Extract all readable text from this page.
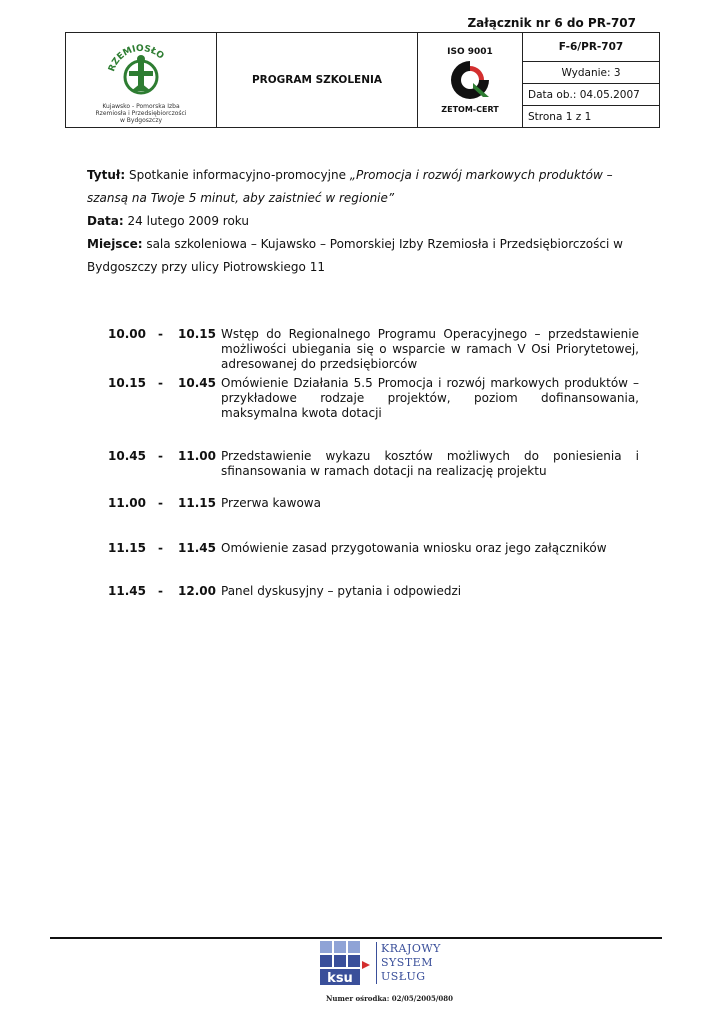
Załącznik nr 6 do PR-707
RZEMIOSŁO
Kujawsko - Pomorska Izba
Rzemiosła i Przedsiębiorczości
w Bydgoszczy
	PROGRAM SZKOLENIA	
ISO 9001
ZETOM-CERT
	F-6/PR-707
Wydanie: 3
Data ob.: 04.05.2007
Strona 1 z 1
Tytuł: Spotkanie informacyjno-promocyjne „Promocja i rozwój markowych produktów – szansą na Twoje 5 minut, aby zaistnieć w regionie”
Data: 24 lutego 2009 roku
Miejsce: sala szkoleniowa – Kujawsko – Pomorskiej Izby Rzemiosła i Przedsiębiorczości w Bydgoszczy przy ulicy Piotrowskiego 11
10.00 - 10.15 Wstęp do Regionalnego Programu Operacyjnego – przedstawienie możliwości ubiegania się o wsparcie w ramach V Osi Priorytetowej, adresowanej do przedsiębiorców
10.15 - 10.45 Omówienie Działania 5.5 Promocja i rozwój markowych produktów – przykładowe rodzaje projektów, poziom dofinansowania, maksymalna kwota dotacji
10.45 - 11.00 Przedstawienie wykazu kosztów możliwych do poniesienia i sfinansowania w ramach dotacji na realizację projektu
11.00 - 11.15 Przerwa kawowa
11.15 - 11.45 Omówienie zasad przygotowania wniosku oraz jego załączników
11.45 - 12.00 Panel dyskusyjny – pytania i odpowiedzi
ksu
KRAJOWY
SYSTEM
USŁUG
Numer ośrodka: 02/05/2005/080
